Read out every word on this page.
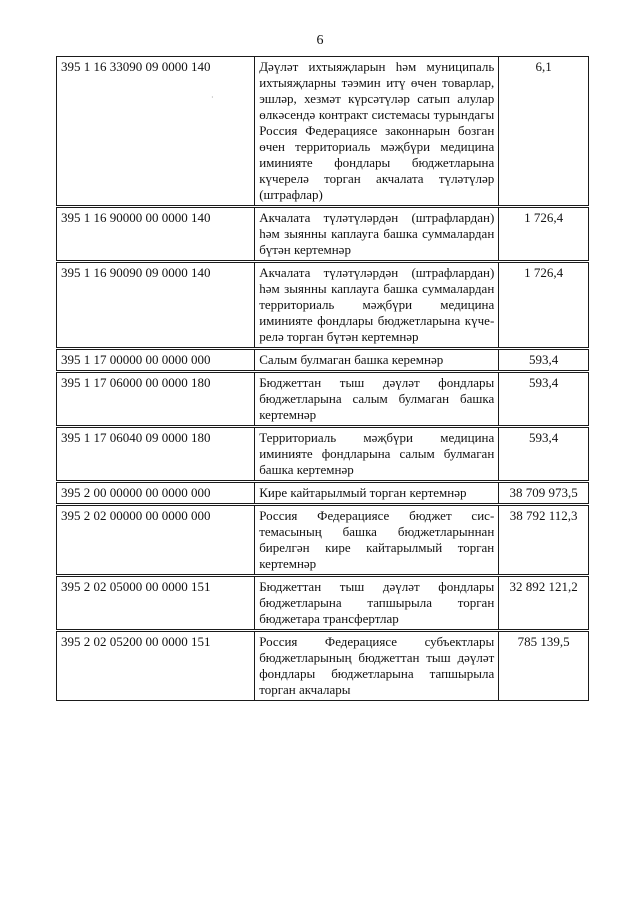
6
·
395 1 16 33090 09 0000 140	Дәүләт ихтыяҗларын һәм муниципаль ихтыяҗларны тәэмин итү өчен товарлар, эшләр, хезмәт күрсәтүләр сатып алулар өлкәсендә контракт системасы турындагы Россия Федерациясе законнарын бозган өчен территориаль мәҗбүри медицина иминияте фондлары бюджетларына күчерелә торган акчалата түләтүләр (штрафлар)	6,1
395 1 16 90000 00 0000 140	Акчалата түләтүләрдән (штрафлардан) һәм зыянны каплауга башка суммалардан бүтән кертемнәр	1 726,4
395 1 16 90090 09 0000 140	Акчалата түләтүләрдән (штрафлардан) һәм зыянны каплауга башка суммалардан территориаль мәҗбүри медицина иминияте фондлары бюджетларына күчерелә торган бүтән кертемнәр	1 726,4
395 1 17 00000 00 0000 000	Салым булмаган башка керемнәр	593,4
395 1 17 06000 00 0000 180	Бюджеттан тыш дәүләт фондлары бюджетларына салым булмаган башка кертемнәр	593,4
395 1 17 06040 09 0000 180	Территориаль мәҗбүри медицина иминияте фондларына салым булмаган башка кертемнәр	593,4
395 2 00 00000 00 0000 000	Кире кайтарылмый торган кертемнәр	38 709 973,5
395 2 02 00000 00 0000 000	Россия Федерациясе бюджет системасының башка бюджетларыннан бирелгән кире кайтарылмый торган кертемнәр	38 792 112,3
395 2 02 05000 00 0000 151	Бюджеттан тыш дәүләт фондлары бюджетларына тапшырыла торган бюджетара трансфертлар	32 892 121,2
395 2 02 05200 00 0000 151	Россия Федерациясе субъектлары бюджетларының бюджеттан тыш дәүләт фондлары бюджетларына тапшырыла торган акчалары	785 139,5
